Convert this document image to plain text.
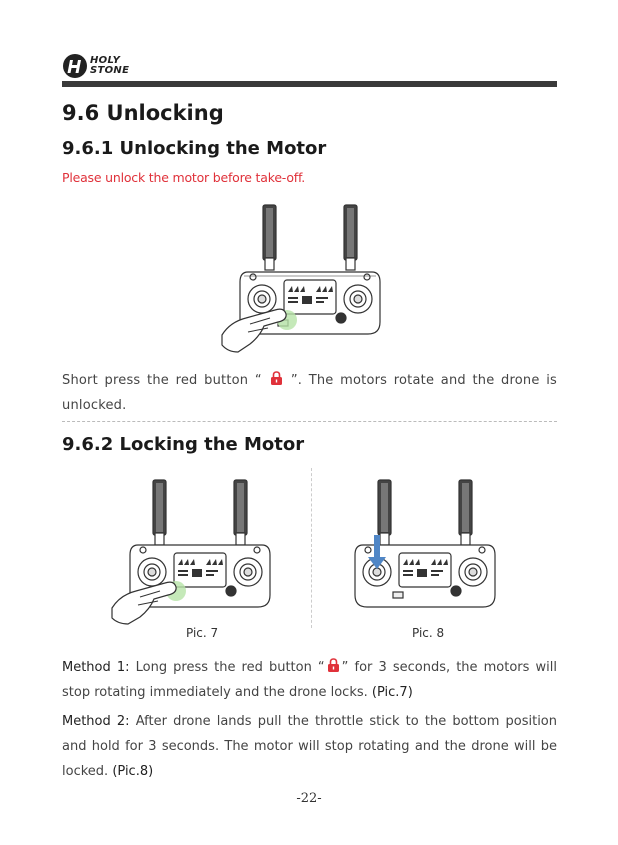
HOLY
STONE
9.6 Unlocking
9.6.1 Unlocking the Motor
Please unlock the motor before take-off.
Short press the red button “ ”. The motors rotate and the drone is unlocked.
9.6.2 Locking the Motor
Pic. 7	Pic. 8
Method 1: Long press the red button “ ” for 3 seconds, the motors will stop rotating immediately and the drone locks. (Pic.7)
Method 2: After drone lands pull the throttle stick to the bottom position and hold for 3 seconds. The motor will stop rotating and the drone will be locked. (Pic.8)
-22-
